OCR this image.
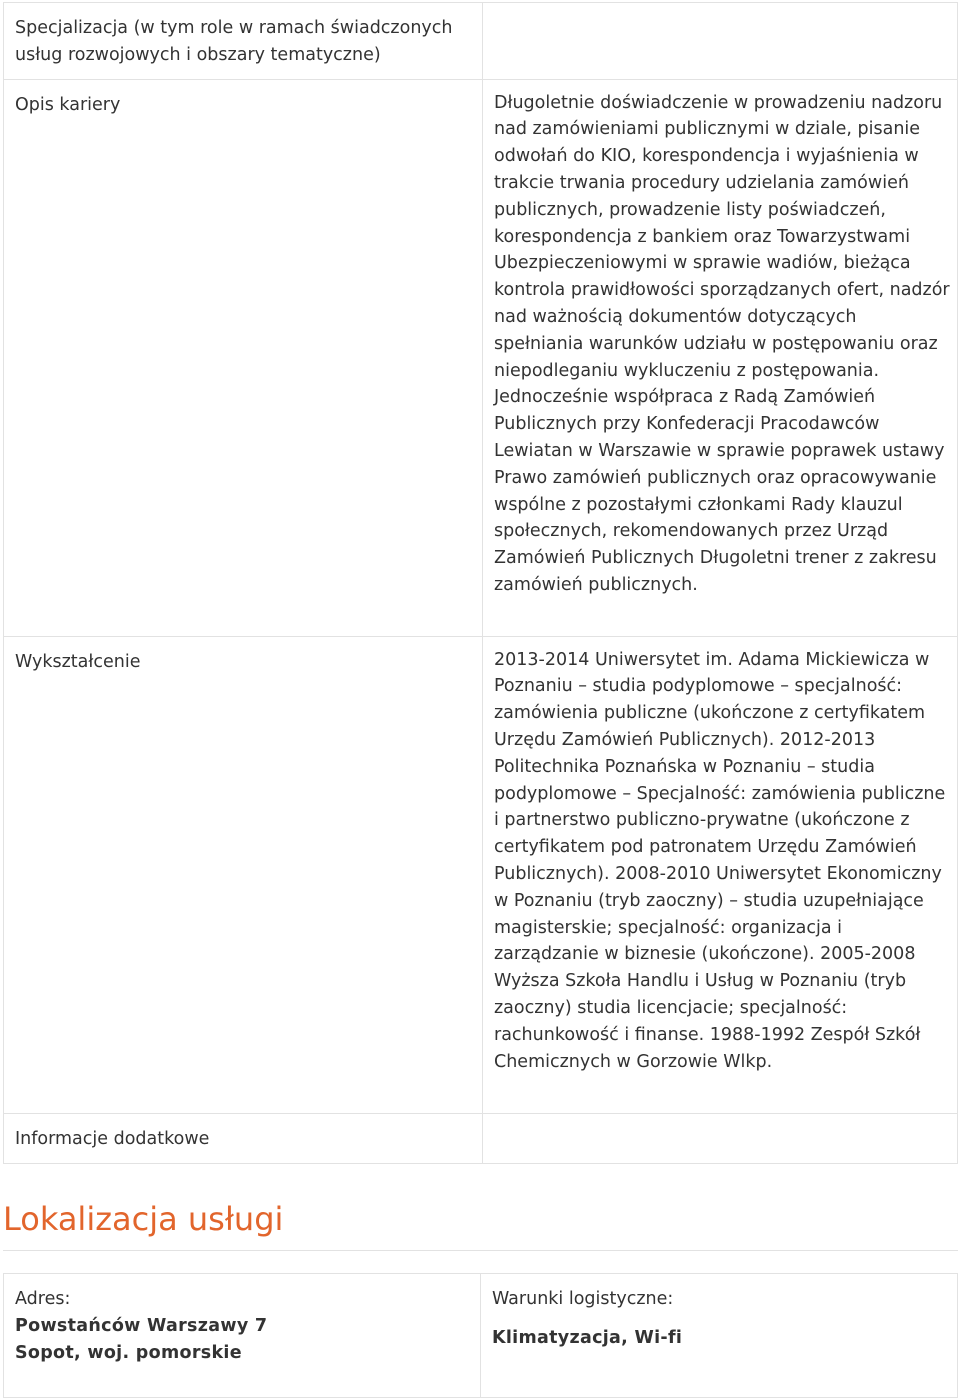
Specjalizacja (w tym role w ramach świadczonych usług rozwojowych i obszary tematyczne)	
Opis kariery	Długoletnie doświadczenie w prowadzeniu nadzoru nad zamówieniami publicznymi w dziale, pisanie odwołań do KIO, korespondencja i wyjaśnienia w trakcie trwania procedury udzielania zamówień publicznych, prowadzenie listy poświadczeń, korespondencja z bankiem oraz Towarzystwami Ubezpieczeniowymi w sprawie wadiów, bieżąca kontrola prawidłowości sporządzanych ofert, nadzór nad ważnością dokumentów dotyczących spełniania warunków udziału w postępowaniu oraz niepodleganiu wykluczeniu z postępowania. Jednocześnie współpraca z Radą Zamówień Publicznych przy Konfederacji Pracodawców Lewiatan w Warszawie w sprawie poprawek ustawy Prawo zamówień publicznych oraz opracowywanie wspólne z pozostałymi członkami Rady klauzul społecznych, rekomendowanych przez Urząd Zamówień Publicznych Długoletni trener z zakresu zamówień publicznych.
Wykształcenie	2013-2014 Uniwersytet im. Adama Mickiewicza w Poznaniu – studia podyplomowe – specjalność: zamówienia publiczne (ukończone z certyfikatem Urzędu Zamówień Publicznych). 2012-2013 Politechnika Poznańska w Poznaniu – studia podyplomowe – Specjalność: zamówienia publiczne i partnerstwo publiczno-prywatne (ukończone z certyfikatem pod patronatem Urzędu Zamówień Publicznych). 2008-2010 Uniwersytet Ekonomiczny w Poznaniu (tryb zaoczny) – studia uzupełniające magisterskie; specjalność: organizacja i zarządzanie w biznesie (ukończone). 2005-2008 Wyższa Szkoła Handlu i Usług w Poznaniu (tryb zaoczny) studia licencjacie; specjalność: rachunkowość i finanse. 1988-1992 Zespół Szkół Chemicznych w Gorzowie Wlkp.
Informacje dodatkowe	
Lokalizacja usługi
Adres:
Powstańców Warszawy 7
Sopot, woj. pomorskie

Warunki logistyczne:
Klimatyzacja, Wi-fi
